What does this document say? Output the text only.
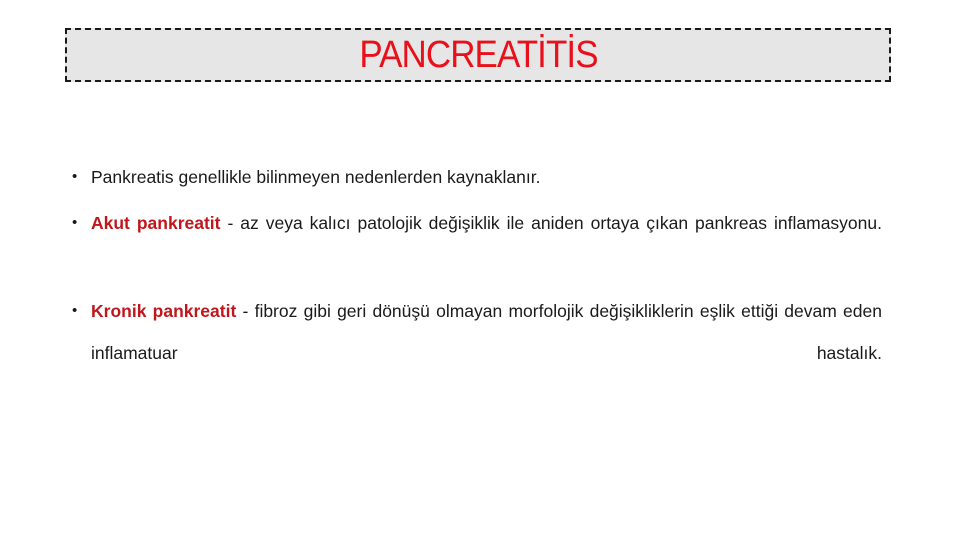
PANCREATİTİS
• Pankreatis genellikle bilinmeyen nedenlerden kaynaklanır.
• Akut pankreatit - az veya kalıcı patolojik değişiklik ile aniden ortaya çıkan pankreas inflamasyonu.
• Kronik pankreatit - fibroz gibi geri dönüşü olmayan morfolojik değişikliklerin eşlik ettiği devam eden inflamatuar hastalık.
